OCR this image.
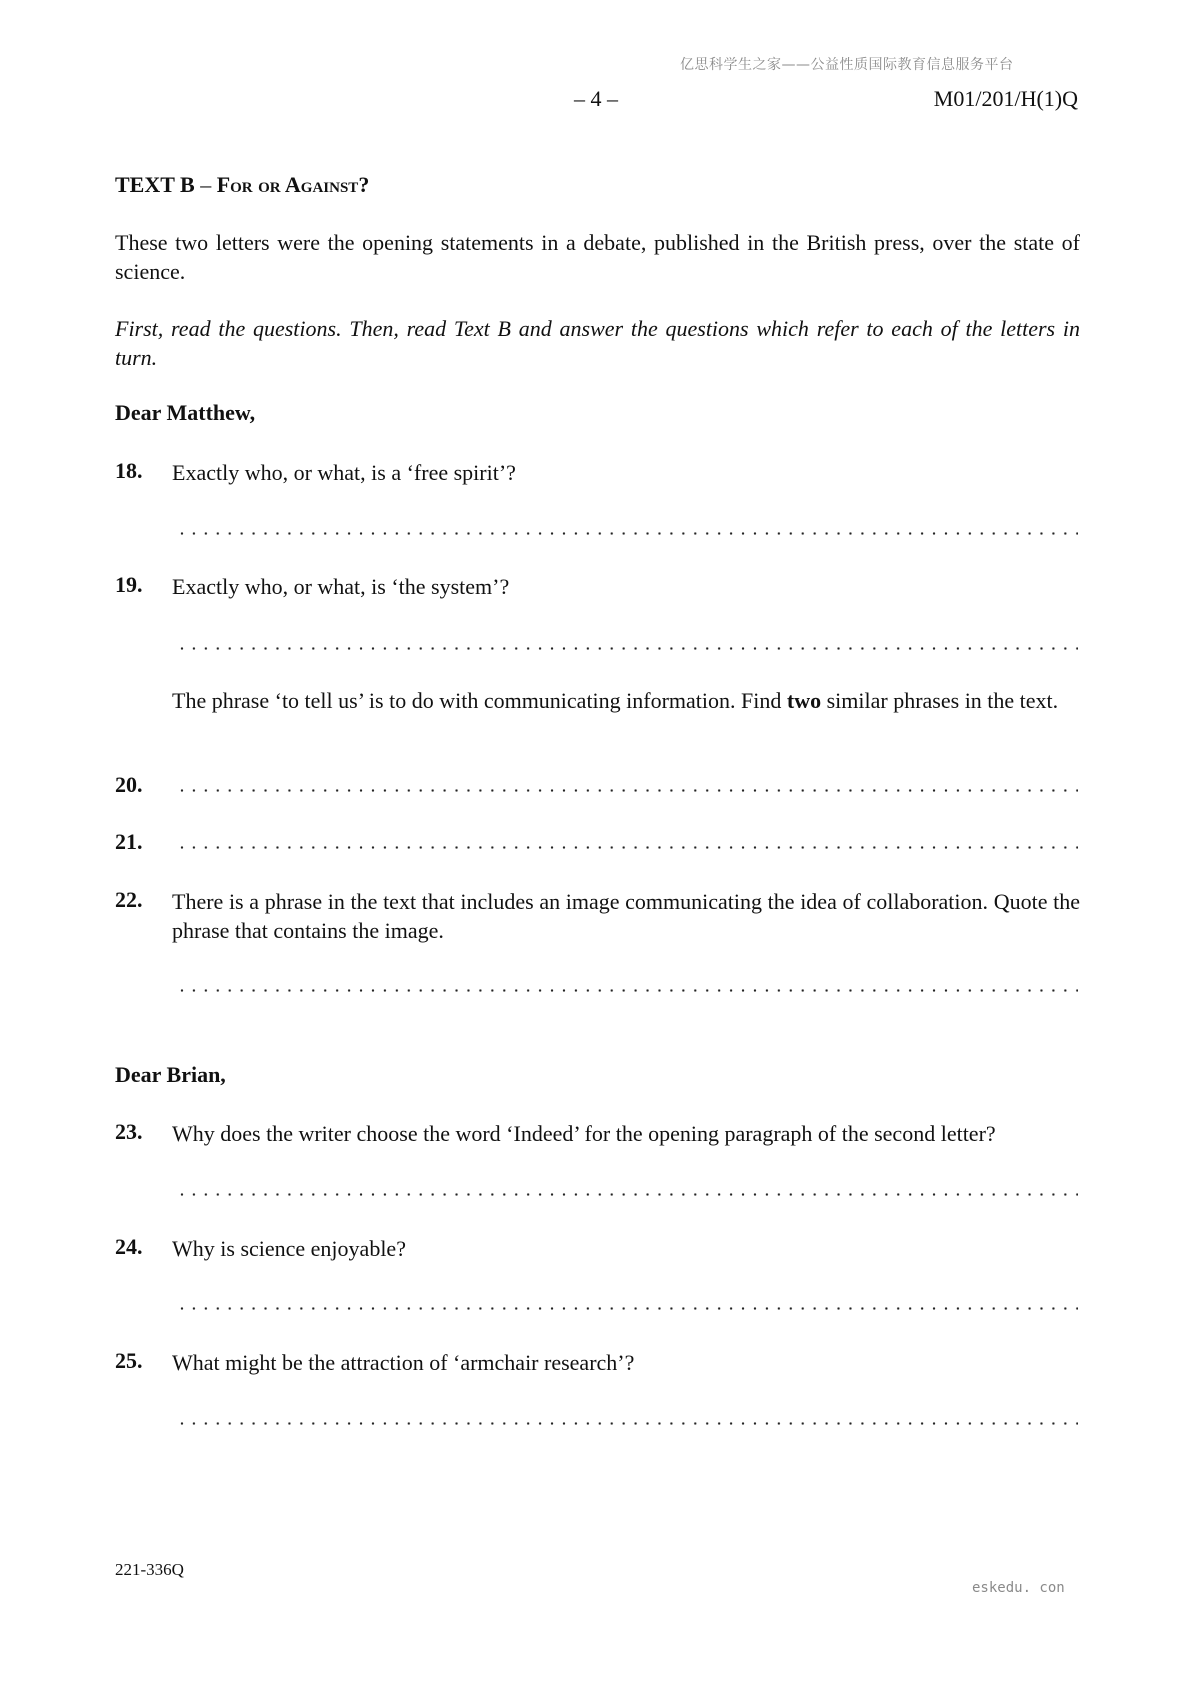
亿思科学生之家——公益性质国际教育信息服务平台
– 4 –	M01/201/H(1)Q
TEXT B – For or Against?
These two letters were the opening statements in a debate, published in the British press, over the state of science.
First, read the questions. Then, read Text B and answer the questions which refer to each of the letters in turn.
Dear Matthew,
18. Exactly who, or what, is a ‘free spirit’?
19. Exactly who, or what, is ‘the system’?
The phrase ‘to tell us’ is to do with communicating information. Find two similar phrases in the text.
20.
21.
22. There is a phrase in the text that includes an image communicating the idea of collaboration. Quote the phrase that contains the image.
Dear Brian,
23. Why does the writer choose the word ‘Indeed’ for the opening paragraph of the second letter?
24. Why is science enjoyable?
25. What might be the attraction of ‘armchair research’?
221-336Q
eskedu. con
